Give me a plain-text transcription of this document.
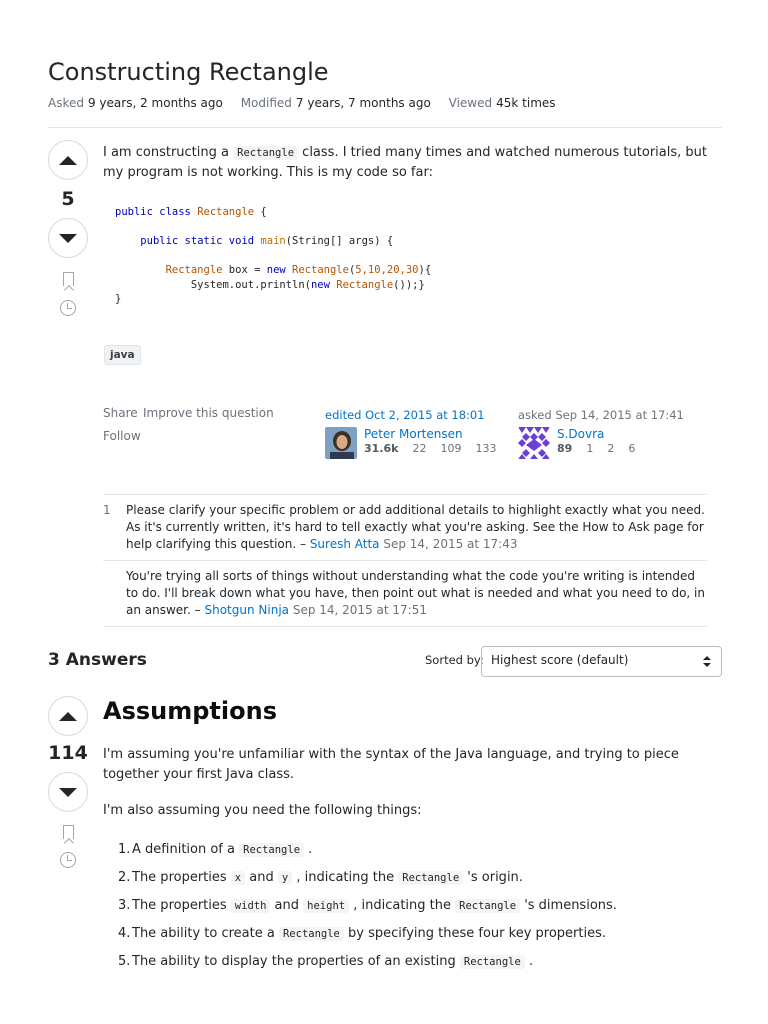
Constructing Rectangle
Asked 9 years, 2 months ago Modified 7 years, 7 months ago Viewed 45k times
5
I am constructing a Rectangle class. I tried many times and watched numerous tutorials, but
my program is not working. This is my code so far:
public class Rectangle {

public static void main(String[] args) {

Rectangle box = new Rectangle(5,10,20,30){
System.out.println(new Rectangle());}
}
java
Share Improve this question
Follow
edited Oct 2, 2015 at 18:01
Peter Mortensen
31.6k 22 109 133
asked Sep 14, 2015 at 17:41
S.Dovra
89 1 2 6
1 Please clarify your specific problem or add additional details to highlight exactly what you need. As it's currently written, it's hard to tell exactly what you're asking. See the How to Ask page for help clarifying this question. – Suresh Atta Sep 14, 2015 at 17:43
You're trying all sorts of things without understanding what the code you're writing is intended to do. I'll break down what you have, then point out what is needed and what you need to do, in an answer. – Shotgun Ninja Sep 14, 2015 at 17:51
3 Answers	Sorted by: Highest score (default)
114
Assumptions
I'm assuming you're unfamiliar with the syntax of the Java language, and trying to piece
together your first Java class.
I'm also assuming you need the following things:
1. A definition of a Rectangle .
2. The properties x and y , indicating the Rectangle 's origin.
3. The properties width and height , indicating the Rectangle 's dimensions.
4. The ability to create a Rectangle by specifying these four key properties.
5. The ability to display the properties of an existing Rectangle .
